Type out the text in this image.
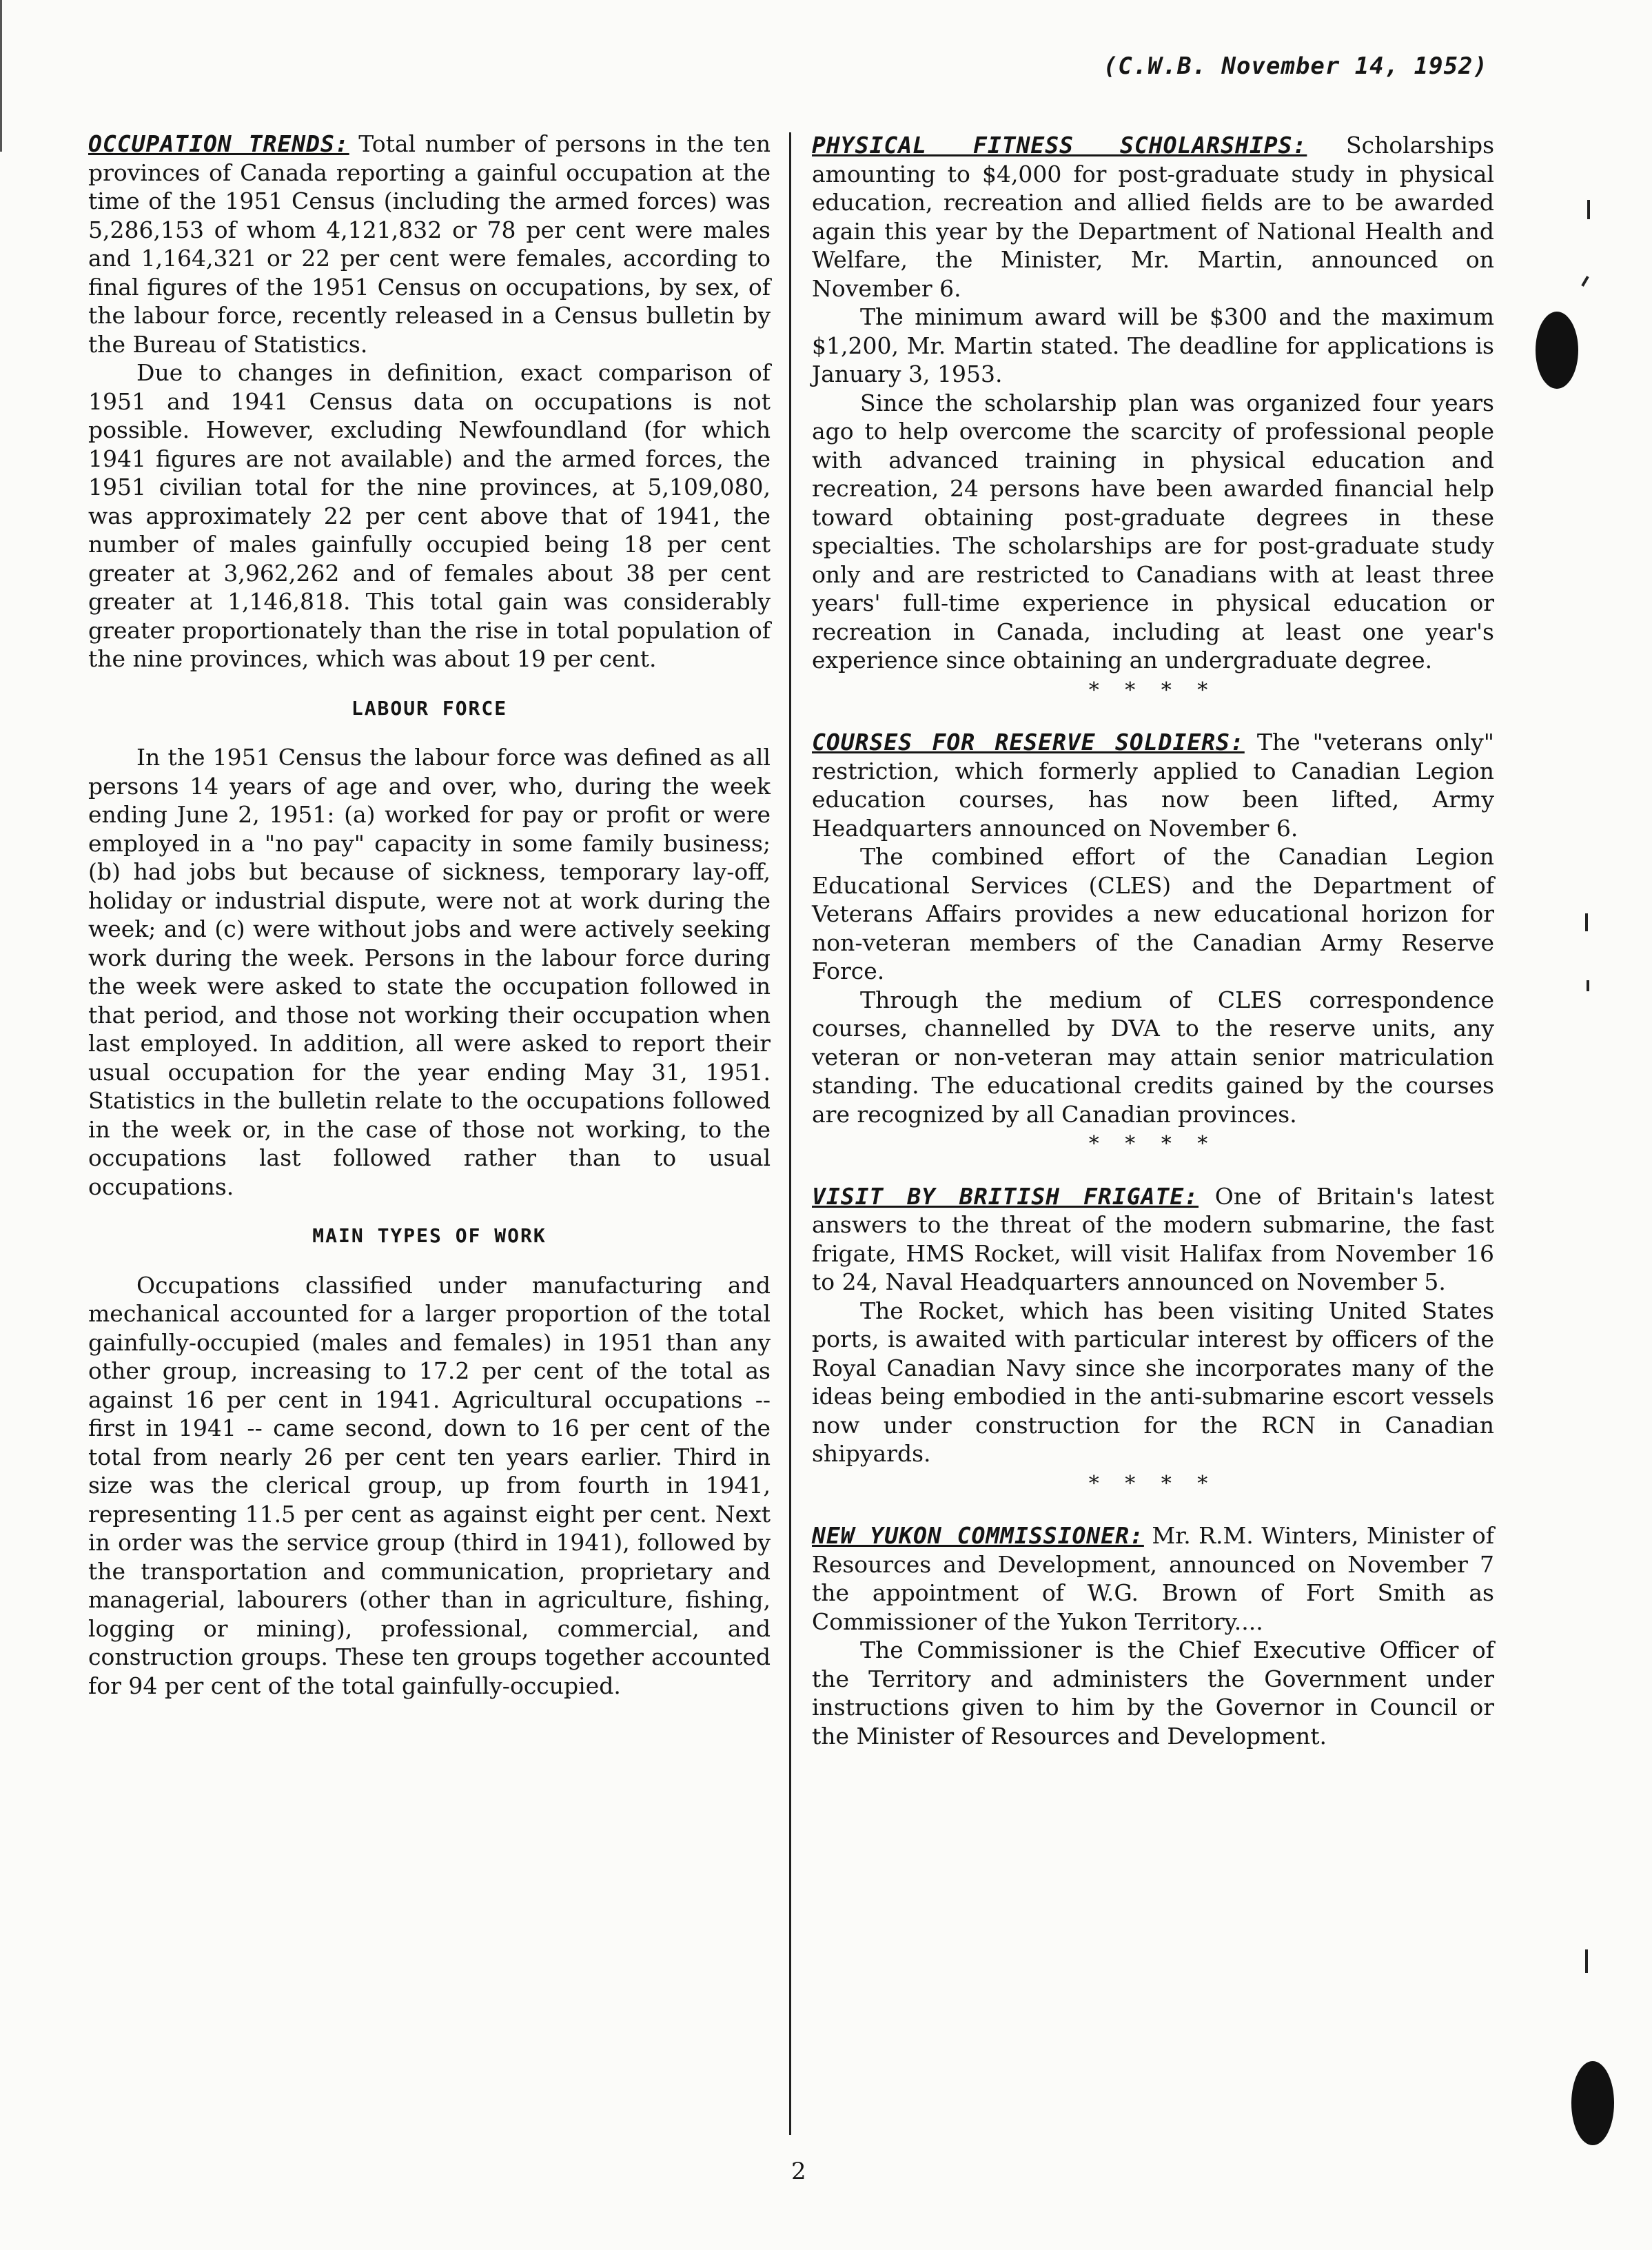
(C.W.B. November 14, 1952)

OCCUPATION TRENDS: Total number of persons in the ten provinces of Canada reporting a gainful occupation at the time of the 1951 Census (including the armed forces) was 5,286,153 of whom 4,121,832 or 78 per cent were males and 1,164,321 or 22 per cent were females, according to final figures of the 1951 Census on occupations, by sex, of the labour force, recently released in a Census bulletin by the Bureau of Statistics.

Due to changes in definition, exact comparison of 1951 and 1941 Census data on occupations is not possible. However, excluding Newfoundland (for which 1941 figures are not available) and the armed forces, the 1951 civilian total for the nine provinces, at 5,109,080, was approximately 22 per cent above that of 1941, the number of males gainfully occupied being 18 per cent greater at 3,962,262 and of females about 38 per cent greater at 1,146,818. This total gain was considerably greater proportionately than the rise in total population of the nine provinces, which was about 19 per cent.

LABOUR FORCE

In the 1951 Census the labour force was defined as all persons 14 years of age and over, who, during the week ending June 2, 1951: (a) worked for pay or profit or were employed in a "no pay" capacity in some family business; (b) had jobs but because of sickness, temporary lay-off, holiday or industrial dispute, were not at work during the week; and (c) were without jobs and were actively seeking work during the week. Persons in the labour force during the week were asked to state the occupation followed in that period, and those not working their occupation when last employed. In addition, all were asked to report their usual occupation for the year ending May 31, 1951. Statistics in the bulletin relate to the occupations followed in the week or, in the case of those not working, to the occupations last followed rather than to usual occupations.

MAIN TYPES OF WORK

Occupations classified under manufacturing and mechanical accounted for a larger proportion of the total gainfully-occupied (males and females) in 1951 than any other group, increasing to 17.2 per cent of the total as against 16 per cent in 1941. Agricultural occupations -- first in 1941 -- came second, down to 16 per cent of the total from nearly 26 per cent ten years earlier. Third in size was the clerical group, up from fourth in 1941, representing 11.5 per cent as against eight per cent. Next in order was the service group (third in 1941), followed by the transportation and communication, proprietary and managerial, labourers (other than in agriculture, fishing, logging or mining), professional, commercial, and construction groups. These ten groups together accounted for 94 per cent of the total gainfully-occupied.

PHYSICAL FITNESS SCHOLARSHIPS: Scholarships amounting to $4,000 for post-graduate study in physical education, recreation and allied fields are to be awarded again this year by the Department of National Health and Welfare, the Minister, Mr. Martin, announced on November 6.

The minimum award will be $300 and the maximum $1,200, Mr. Martin stated. The deadline for applications is January 3, 1953.

Since the scholarship plan was organized four years ago to help overcome the scarcity of professional people with advanced training in physical education and recreation, 24 persons have been awarded financial help toward obtaining post-graduate degrees in these specialties. The scholarships are for post-graduate study only and are restricted to Canadians with at least three years' full-time experience in physical education or recreation in Canada, including at least one year's experience since obtaining an undergraduate degree.

* * * *

COURSES FOR RESERVE SOLDIERS: The "veterans only" restriction, which formerly applied to Canadian Legion education courses, has now been lifted, Army Headquarters announced on November 6.

The combined effort of the Canadian Legion Educational Services (CLES) and the Department of Veterans Affairs provides a new educational horizon for non-veteran members of the Canadian Army Reserve Force.

Through the medium of CLES correspondence courses, channelled by DVA to the reserve units, any veteran or non-veteran may attain senior matriculation standing. The educational credits gained by the courses are recognized by all Canadian provinces.

* * * *

VISIT BY BRITISH FRIGATE: One of Britain's latest answers to the threat of the modern submarine, the fast frigate, HMS Rocket, will visit Halifax from November 16 to 24, Naval Headquarters announced on November 5.

The Rocket, which has been visiting United States ports, is awaited with particular interest by officers of the Royal Canadian Navy since she incorporates many of the ideas being embodied in the anti-submarine escort vessels now under construction for the RCN in Canadian shipyards.

* * * *

NEW YUKON COMMISSIONER: Mr. R.M. Winters, Minister of Resources and Development, announced on November 7 the appointment of W.G. Brown of Fort Smith as Commissioner of the Yukon Territory....

The Commissioner is the Chief Executive Officer of the Territory and administers the Government under instructions given to him by the Governor in Council or the Minister of Resources and Development.

2
